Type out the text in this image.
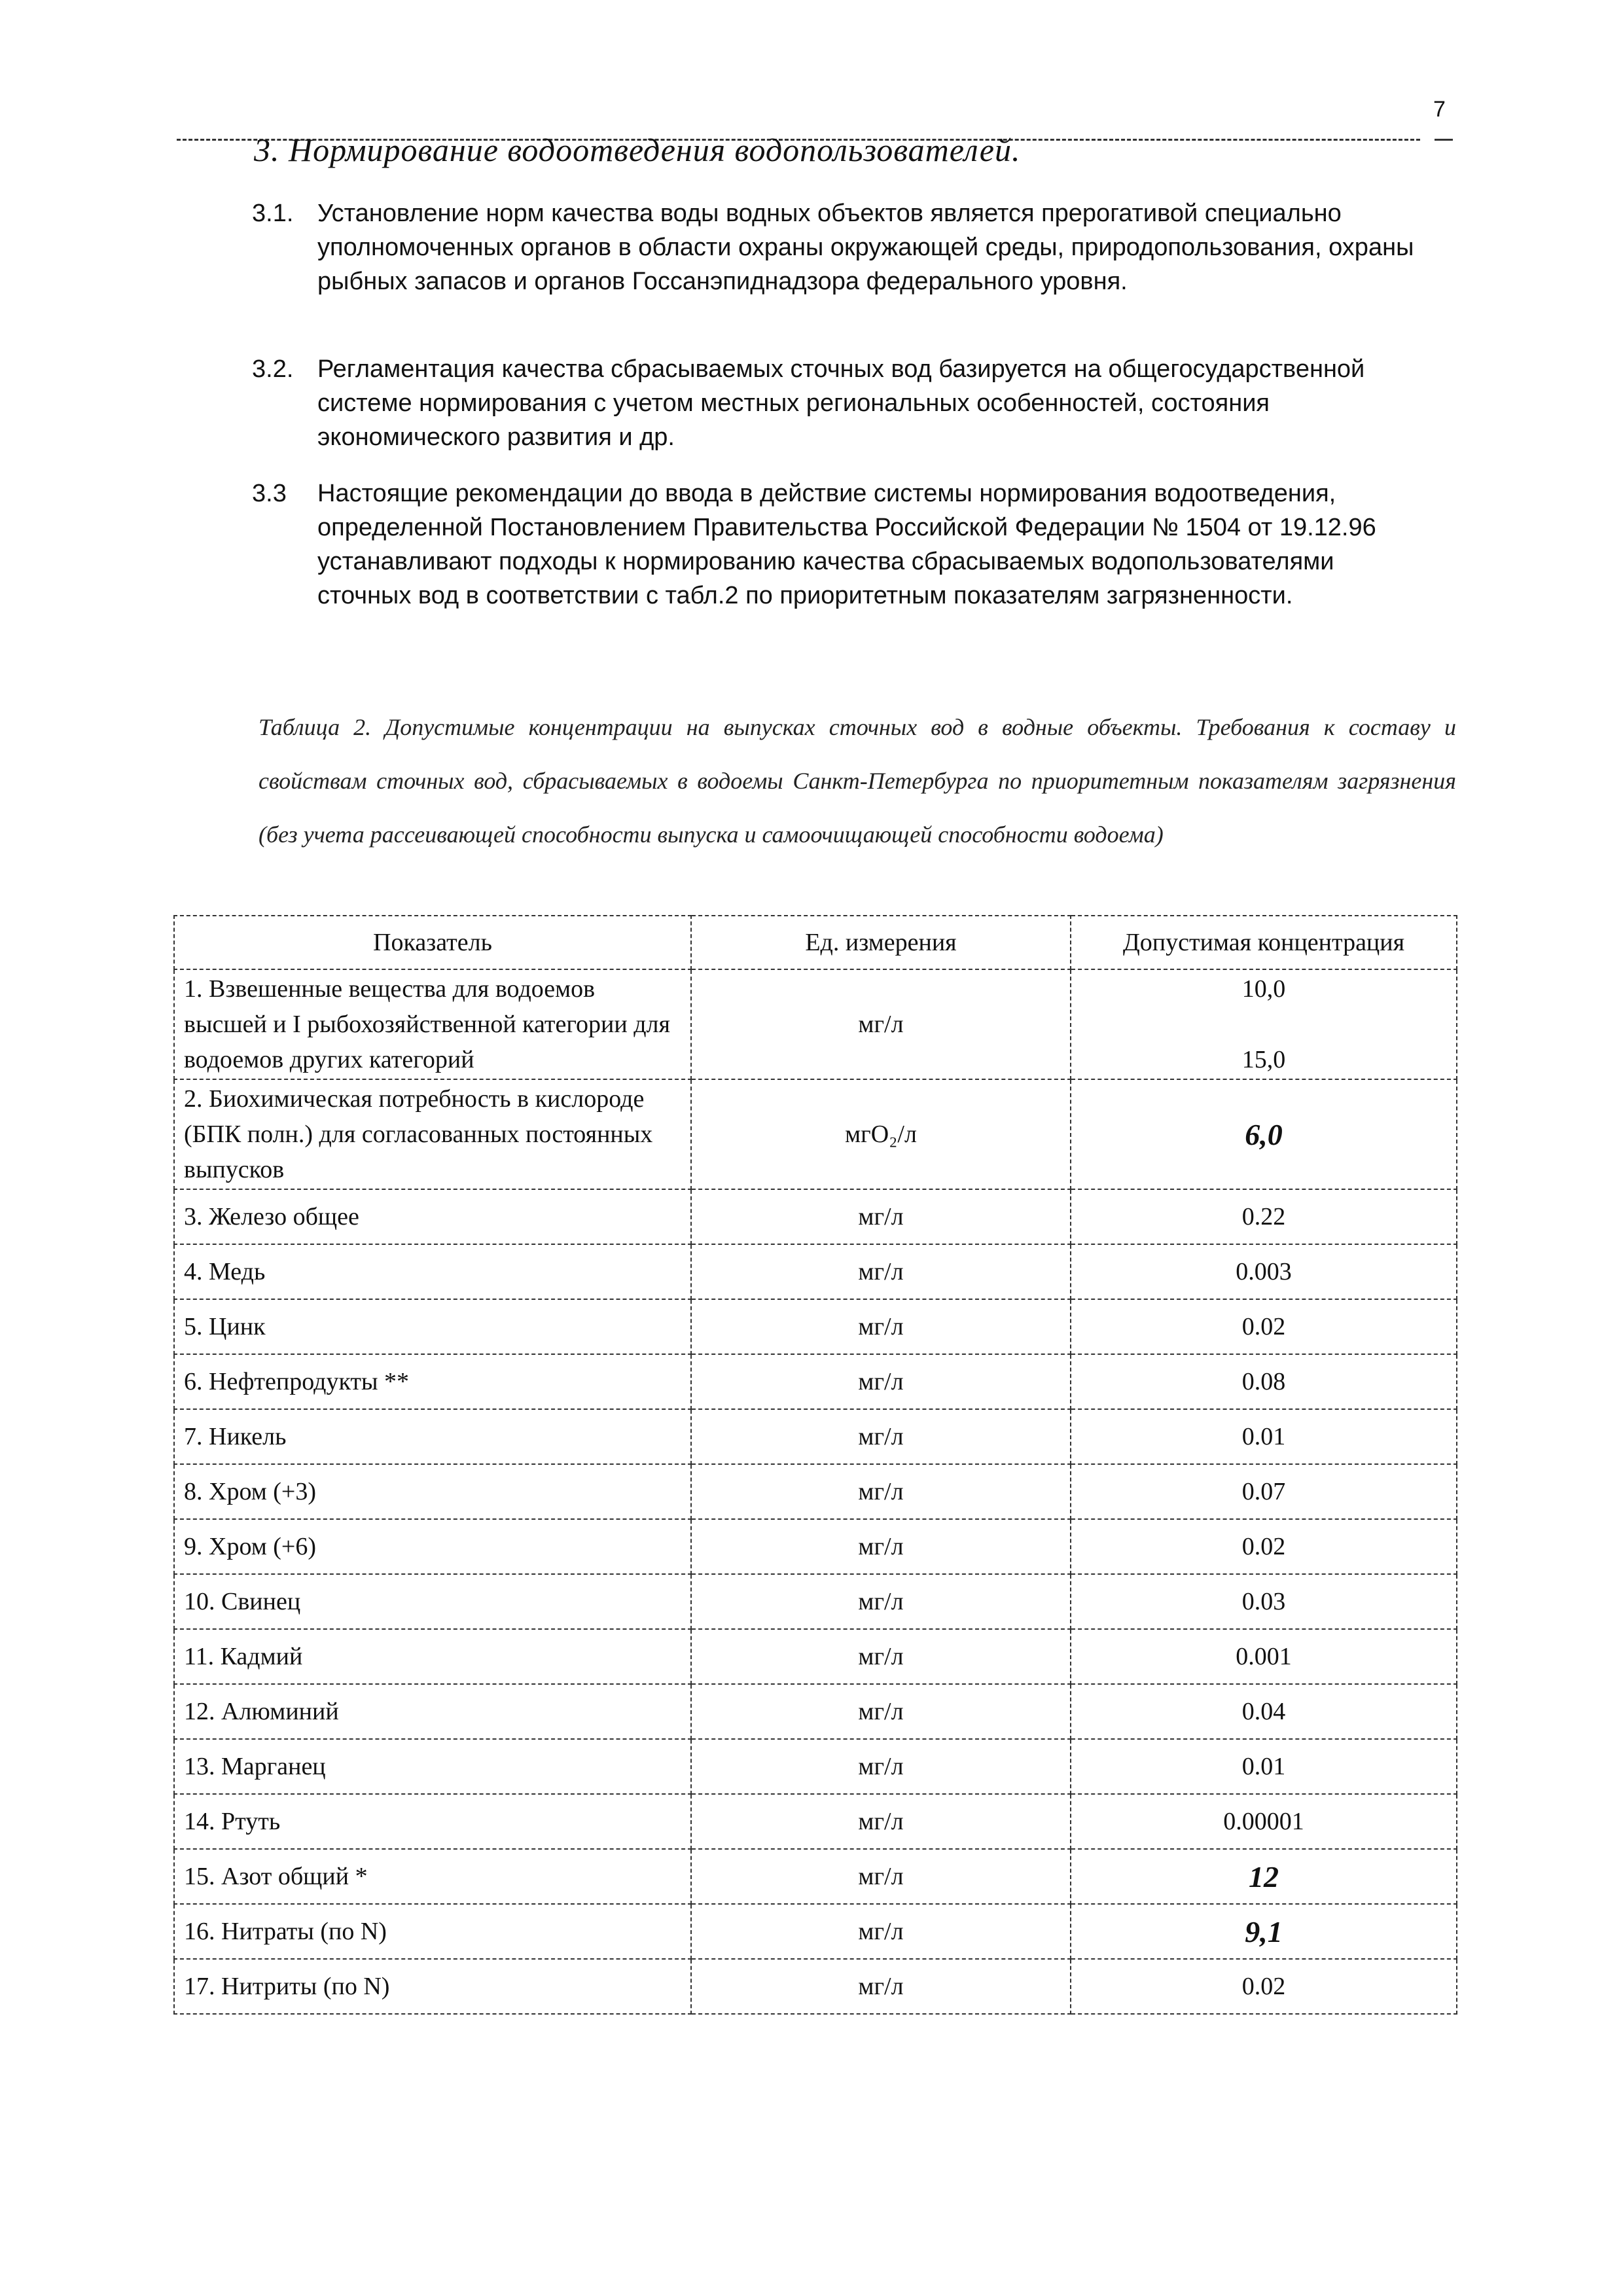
7
3. Нормирование водоотведения водопользователей.
3.1. Установление норм качества воды водных объектов является прерогативой специально уполномоченных органов в области охраны окружающей среды, природопользования, охраны рыбных запасов и органов Госсанэпиднадзора федерального уровня.
3.2. Регламентация качества сбрасываемых сточных вод базируется на общегосударственной системе нормирования с учетом местных региональных особенностей, состояния экономического развития и др.
3.3	Настоящие рекомендации до ввода в действие системы нормирования водоотведения, определенной Постановлением Правительства Российской Федерации № 1504 от 19.12.96 устанавливают подходы к нормированию качества сбрасываемых водопользователями сточных вод в соответствии с табл.2 по приоритетным показателям загрязненности.
Таблица 2. Допустимые концентрации на выпусках сточных вод в водные объекты. Требования к составу и свойствам сточных вод, сбрасываемых в водоемы Санкт-Петербурга по приоритетным показателям загрязнения (без учета рассеивающей способности выпуска и самоочищающей способности водоема)
Показатель	Ед. измерения	Допустимая концентрация
1. Взвешенные вещества для водоемов высшей и I рыбохозяйственной категории для водоемов других категорий	мг/л	10,0
15,0

2. Биохимическая потребность в кислороде (БПК полн.) для согласованных постоянных выпусков	мгO₂/л	6,0
3. Железо общее	мг/л	0.22
4. Медь	мг/л	0.003
5. Цинк	мг/л	0.02
6. Нефтепродукты **	мг/л	0.08
7. Никель	мг/л	0.01
8. Хром (+3)	мг/л	0.07
9. Хром (+6)	мг/л	0.02
10. Свинец	мг/л	0.03
11. Кадмий	мг/л	0.001
12. Алюминий	мг/л	0.04
13. Марганец	мг/л	0.01
14. Ртуть	мг/л	0.00001
15. Азот общий *	мг/л	12
16. Нитраты (по N)	мг/л	9,1
17. Нитриты (по N)	мг/л	0.02
